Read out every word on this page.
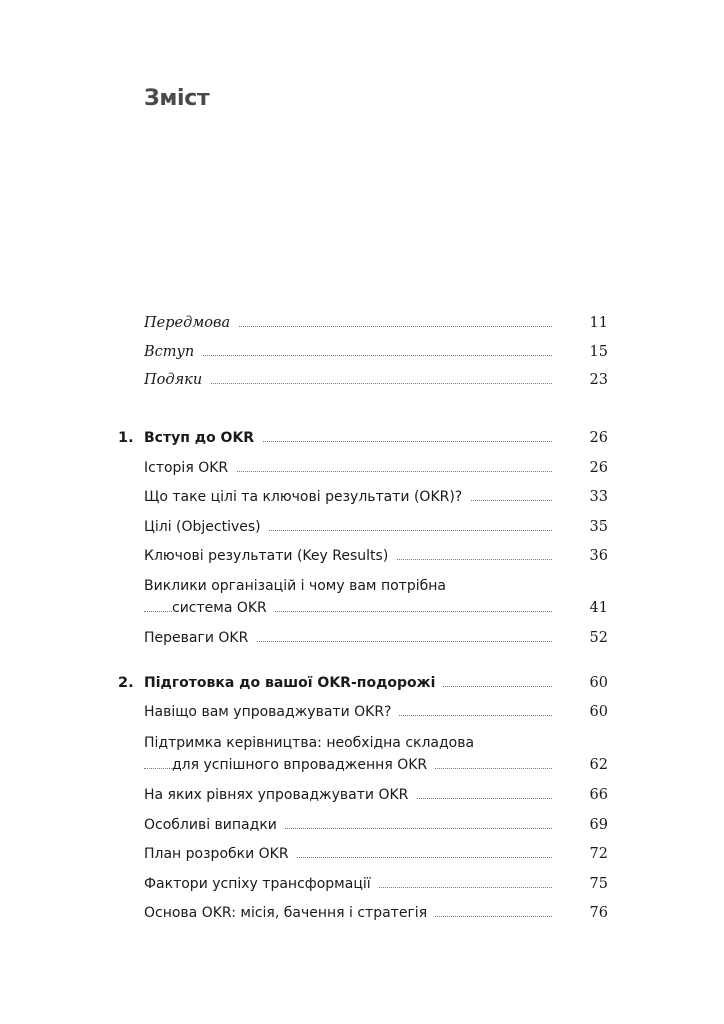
Зміст
Передмова	11
Вступ	15
Подяки	23
1. Вступ до OKR	26
Історія OKR	26
Що таке цілі та ключові результати (OKR)?	33
Цілі (Objectives)	35
Ключові результати (Key Results)	36
Виклики організацій і чому вам потрібна
система OKR	41
Переваги OKR	52
2. Підготовка до вашої OKR-подорожі	60
Навіщо вам упроваджувати OKR?	60
Підтримка керівництва: необхідна складова
для успішного впровадження OKR	62
На яких рівнях упроваджувати OKR	66
Особливі випадки	69
План розробки OKR	72
Фактори успіху трансформації	75
Основа OKR: місія, бачення і стратегія	76
